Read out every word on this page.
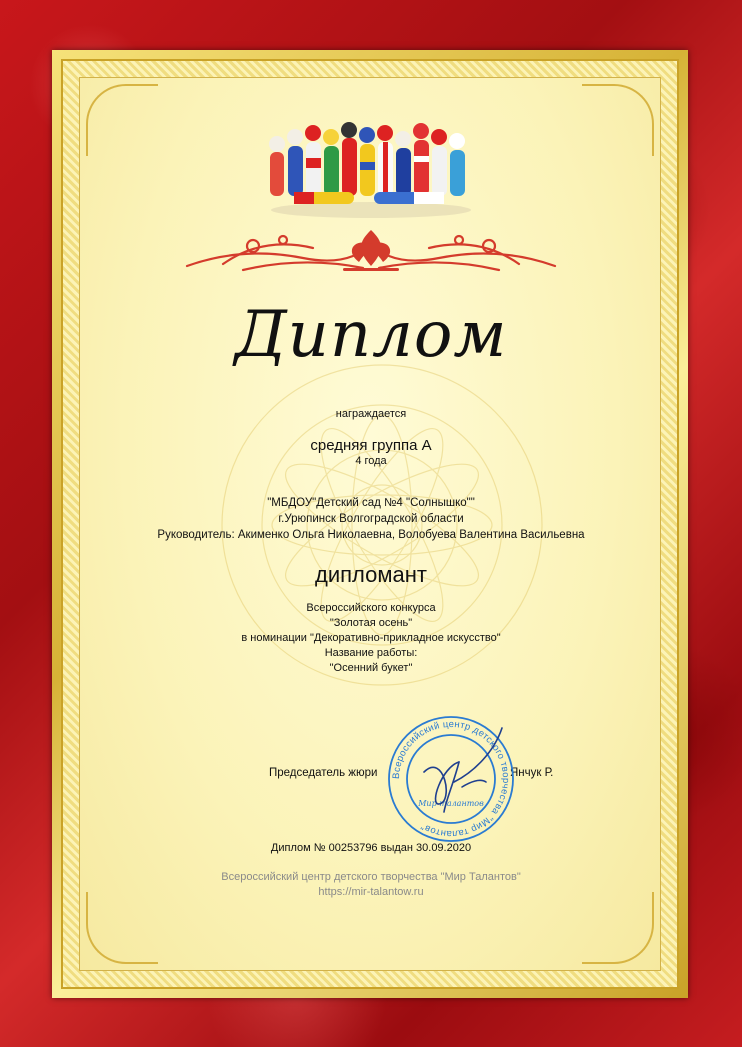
Диплом
награждается
средняя группа А
4 года
"МБДОУ"Детский сад №4 "Солнышко""
г.Урюпинск Волгоградской области
Руководитель: Акименко Ольга Николаевна, Волобуева Валентина Васильевна
дипломант
Всероссийского конкурса
"Золотая осень"
в номинации "Декоративно-прикладное искусство"
Название работы:
"Осенний букет"
Председатель жюри	Янчук Р.
Всероссийский центр детского творчества "Мир талантов"
Мир талантов
Диплом № 00253796 выдан 30.09.2020
Всероссийский центр детского творчества "Мир Талантов"
https://mir-talantow.ru
